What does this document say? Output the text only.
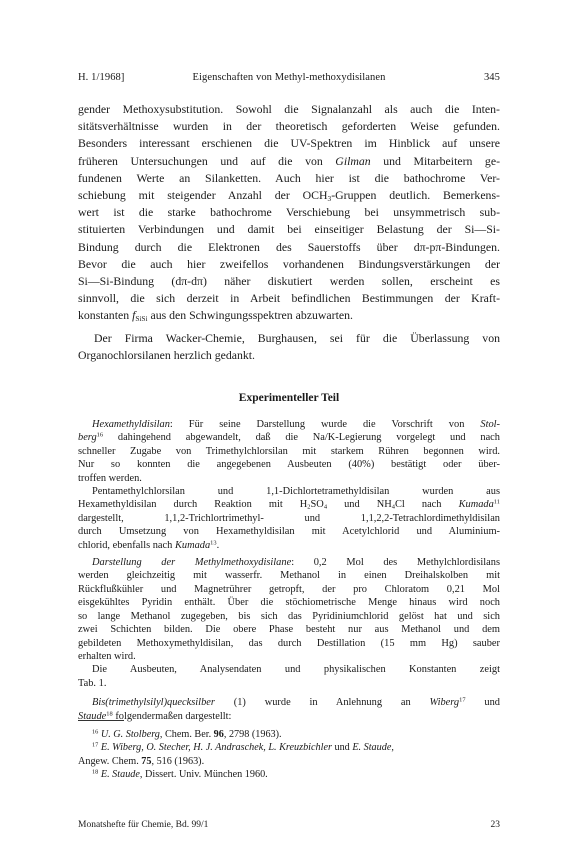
H. 1/1968]	Eigenschaften von Methyl-methoxydisilanen	345

gender Methoxysubstitution. Sowohl die Signalanzahl als auch die Inten-
sitätsverhältnisse wurden in der theoretisch geforderten Weise gefunden.
Besonders interessant erschienen die UV-Spektren im Hinblick auf unsere
früheren Untersuchungen und auf die von Gilman und Mitarbeitern ge-
fundenen Werte an Silanketten. Auch hier ist die bathochrome Ver-
schiebung mit steigender Anzahl der $OCH_3$-Gruppen deutlich. Bemerkens-
wert ist die starke bathochrome Verschiebung bei unsymmetrisch sub-
stituierten Verbindungen und damit bei einseitiger Belastung der Si—Si-
Bindung durch die Elektronen des Sauerstoffs über dπ-pπ-Bindungen.
Bevor die auch hier zweifellos vorhandenen Bindungsverstärkungen der
Si—Si-Bindung (dπ-dπ) näher diskutiert werden sollen, erscheint es
sinnvoll, die sich derzeit in Arbeit befindlichen Bestimmungen der Kraft-
konstanten $f_{SiSi}$ aus den Schwingungsspektren abzuwarten.

Der Firma Wacker-Chemie, Burghausen, sei für die Überlassung von
Organochlorsilanen herzlich gedankt.

Experimenteller Teil
Hexamethyldisilan: Für seine Darstellung wurde die Vorschrift von Stol-
berg$^{16}$ dahingehend abgewandelt, daß die Na/K-Legierung vorgelegt und nach
schneller Zugabe von Trimethylchlorsilan mit starkem Rühren begonnen wird.
Nur so konnten die angegebenen Ausbeuten (40%) bestätigt oder über-
troffen werden.
Pentamethylchlorsilan und 1,1-Dichlortetramethyldisilan wurden aus
Hexamethyldisilan durch Reaktion mit $H_2SO_4$ und $NH_4Cl$ nach Kumada$^{11}$
dargestellt, 1,1,2-Trichlortrimethyl- und 1,1,2,2-Tetrachlordimethyldisilan
durch Umsetzung von Hexamethyldisilan mit Acetylchlorid und Aluminium-
chlorid, ebenfalls nach Kumada$^{13}$.
Darstellung der Methylmethoxydisilane: 0,2 Mol des Methylchlordisilans
werden gleichzeitig mit wasserfr. Methanol in einen Dreihalskolben mit
Rückflußkühler und Magnetrührer getropft, der pro Chloratom 0,21 Mol
eisgekühltes Pyridin enthält. Über die stöchiometrische Menge hinaus wird noch
so lange Methanol zugegeben, bis sich das Pyridiniumchlorid gelöst hat und sich
zwei Schichten bilden. Die obere Phase besteht nur aus Methanol und dem
gebildeten Methoxymethyldisilan, das durch Destillation (15 mm Hg) sauber
erhalten wird.
Die Ausbeuten, Analysendaten und physikalischen Konstanten zeigt
Tab. 1.
Bis(trimethylsilyl)quecksilber (1) wurde in Anlehnung an Wiberg$^{17}$ und
Staude$^{18}$ folgendermaßen dargestellt:
$^{16}$ U. G. Stolberg, Chem. Ber. 96, 2798 (1963).
$^{17}$ E. Wiberg, O. Stecher, H. J. Andraschek, L. Kreuzbichler und E. Staude,
Angew. Chem. 75, 516 (1963).
$^{18}$ E. Staude, Dissert. Univ. München 1960.
Monatshefte für Chemie, Bd. 99/1	23
